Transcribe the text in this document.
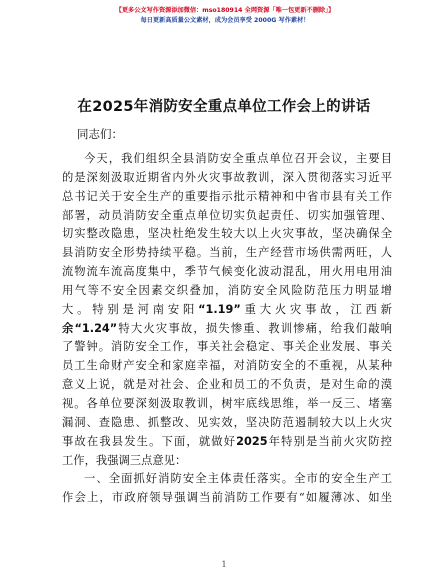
【更多公文写作资源添加微信：mso180914 全网资源「唯一包更新不删除」】
每日更新高质量公文素材，成为会员享受 2000G 写作素材！
在2025年消防安全重点单位工作会上的讲话
同志们：
今天，我们组织全县消防安全重点单位召开会议，主要目
的是深刻汲取近期省内外火灾事故教训，深入贯彻落实习近平
总书记关于安全生产的重要指示批示精神和中省市县有关工作
部署，动员消防安全重点单位切实负起责任、切实加强管理、
切实整改隐患，坚决杜绝发生较大以上火灾事故，坚决确保全
县消防安全形势持续平稳。当前，生产经营市场供需两旺，人
流物流车流高度集中，季节气候变化波动混乱，用火用电用油
用气等不安全因素交织叠加，消防安全风险防范压力明显增
大。特别是河南安阳“1.19”重大火灾事故，江西新
余“1.24”特大火灾事故，损失惨重、教训惨痛，给我们敲响
了警钟。消防安全工作，事关社会稳定、事关企业发展、事关
员工生命财产安全和家庭幸福，对消防安全的不重视，从某种
意义上说，就是对社会、企业和员工的不负责，是对生命的漠
视。各单位要深刻汲取教训，树牢底线思维，举一反三、堵塞
漏洞、查隐患、抓整改、见实效，坚决防范遏制较大以上火灾
事故在我县发生。下面，就做好2025年特别是当前火灾防控
工作，我强调三点意见：
一、全面抓好消防安全主体责任落实。全市的安全生产工
作会上，市政府领导强调当前消防工作要有“如履薄冰、如坐
1
